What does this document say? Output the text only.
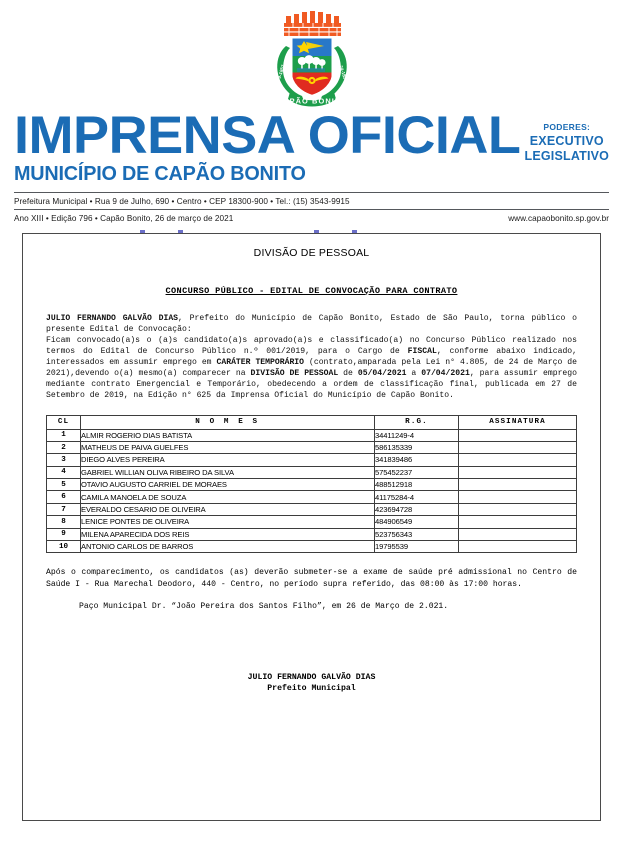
CAPÃO BONITO
1-9-1857	24-1857
IMPRENSA OFICIAL
MUNICÍPIO DE CAPÃO BONITO

PODERES:

EXECUTIVO

LEGISLATIVO

Prefeitura Municipal • Rua 9 de Julho, 690 • Centro • CEP 18300-900 • Tel.: (15) 3543-9915
Ano XIII • Edição 796 • Capão Bonito, 26 de março de 2021	www.capaobonito.sp.gov.br
DIVISÃO DE PESSOAL
CONCURSO PÚBLICO - EDITAL DE CONVOCAÇÃO PARA CONTRATO

JULIO FERNANDO GALVÃO DIAS, Prefeito do Município de Capão Bonito, Estado de São Paulo, torna público o presente Edital de Convocação:

Ficam convocado(a)s o (a)s candidato(a)s aprovado(a)s e classificado(a) no Concurso Público realizado nos termos do Edital de Concurso Público n.º 001/2019, para o Cargo de FISCAL, conforme abaixo indicado, interessados em assumir emprego em CARÁTER TEMPORÁRIO (contrato,amparada pela Lei n° 4.805, de 24 de Março de 2021),devendo o(a) mesmo(a) comparecer na DIVISÃO DE PESSOAL de 05/04/2021 a 07/04/2021, para assumir emprego mediante contrato Emergencial e Temporário, obedecendo a ordem de classificação final, publicada em 27 de Setembro de 2019, na Edição n° 625 da Imprensa Oficial do Município de Capão Bonito.

CL	N O M E S	R.G.	ASSINATURA
1	ALMIR ROGERIO DIAS BATISTA	34411249-4	
2	MATHEUS DE PAIVA GUELFES	586135339	
3	DIEGO ALVES PEREIRA	341839486	
4	GABRIEL WILLIAN OLIVA RIBEIRO DA SILVA	575452237	
5	OTAVIO AUGUSTO CARRIEL DE MORAES	488512918	
6	CAMILA MANOELA DE SOUZA	41175284-4	
7	EVERALDO CESARIO DE OLIVEIRA	423694728	
8	LENICE PONTES DE OLIVEIRA	484906549	
9	MILENA APARECIDA DOS REIS	523756343	
10	ANTONIO CARLOS DE BARROS	19795539	

Após o comparecimento, os candidatos (as) deverão submeter-se a exame de saúde pré admissional no Centro de Saúde I - Rua Marechal Deodoro, 440 - Centro, no período supra referido, das 08:00 às 17:00 horas.

Paço Municipal Dr. “João Pereira dos Santos Filho”, em 26 de Março de 2.021.

JULIO FERNANDO GALVÃO DIAS

Prefeito Municipal
